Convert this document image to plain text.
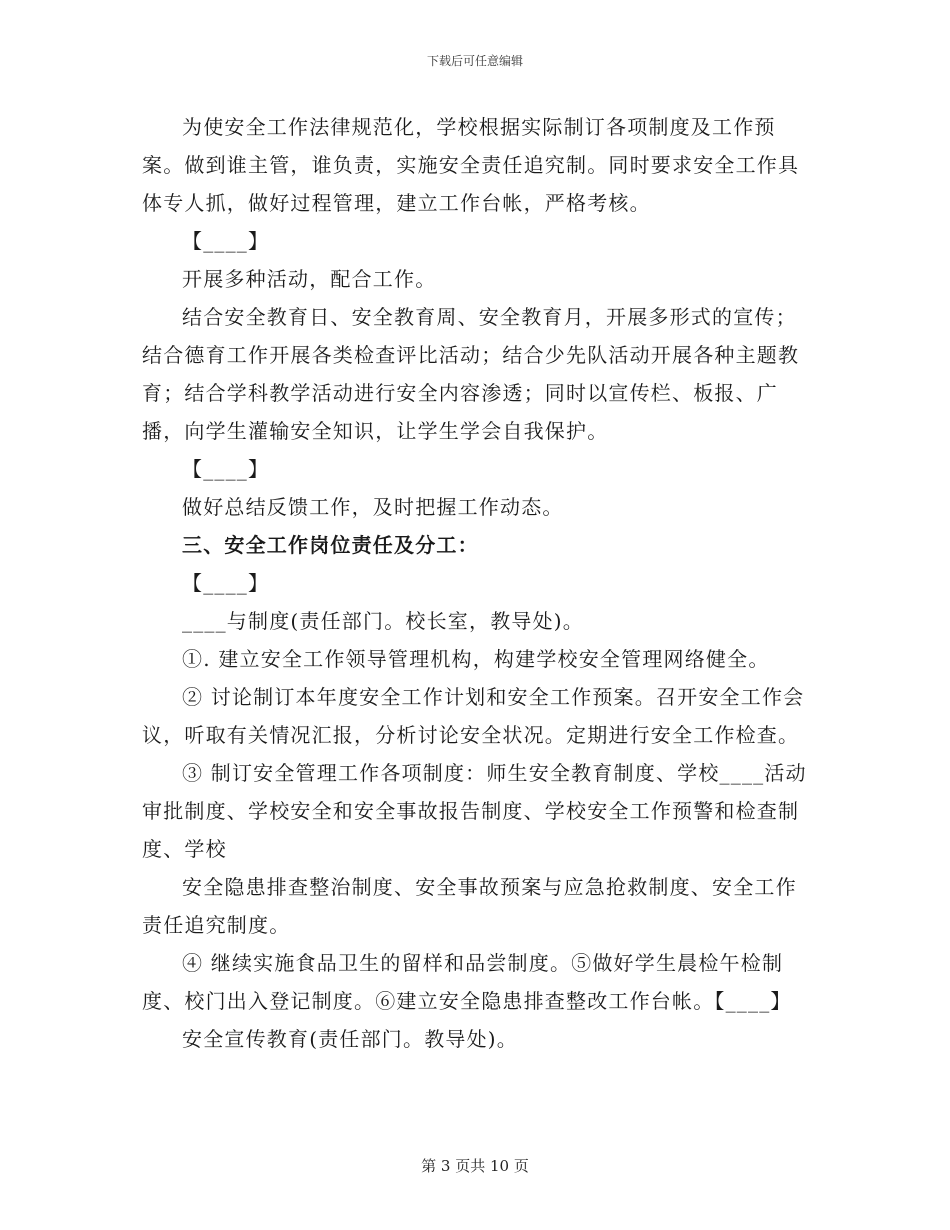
下载后可任意编辑

为使安全工作法律规范化，学校根据实际制订各项制度及工作预案。做到谁主管，谁负责，实施安全责任追究制。同时要求安全工作具体专人抓，做好过程管理，建立工作台帐，严格考核。

【____】

开展多种活动，配合工作。

结合安全教育日、安全教育周、安全教育月，开展多形式的宣传；结合德育工作开展各类检查评比活动；结合少先队活动开展各种主题教育；结合学科教学活动进行安全内容渗透；同时以宣传栏、板报、广播，向学生灌输安全知识，让学生学会自我保护。

【____】

做好总结反馈工作，及时把握工作动态。

三、安全工作岗位责任及分工：

【____】

____与制度(责任部门。校长室，教导处)。

①. 建立安全工作领导管理机构，构建学校安全管理网络健全。

② 讨论制订本年度安全工作计划和安全工作预案。召开安全工作会议，听取有关情况汇报，分析讨论安全状况。定期进行安全工作检查。

③ 制订安全管理工作各项制度：师生安全教育制度、学校____活动审批制度、学校安全和安全事故报告制度、学校安全工作预警和检查制度、学校

安全隐患排查整治制度、安全事故预案与应急抢救制度、安全工作责任追究制度。

④ 继续实施食品卫生的留样和品尝制度。⑤做好学生晨检午检制度、校门出入登记制度。⑥建立安全隐患排查整改工作台帐。【____】

安全宣传教育(责任部门。教导处)。

第 3 页共 10 页
